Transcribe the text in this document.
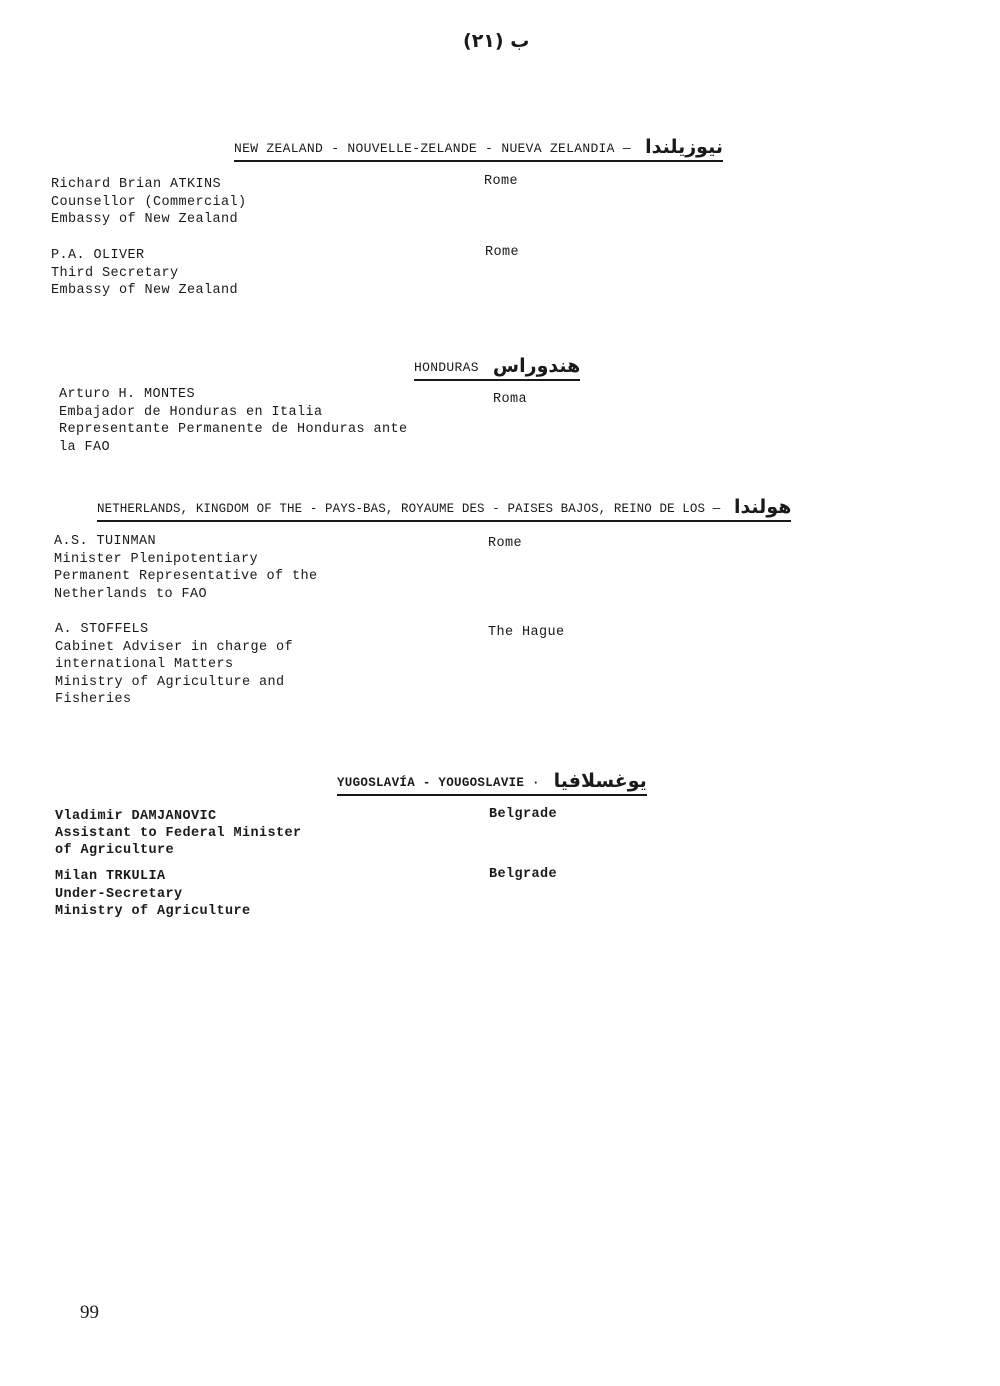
ب (٢١)
NEW ZEALAND - NOUVELLE-ZELANDE - NUEVA ZELANDIA — نيوزيلندا
Richard Brian ATKINS
Counsellor (Commercial)
Embassy of New Zealand
Rome
P.A. OLIVER
Third Secretary
Embassy of New Zealand
Rome
HONDURAS هندوراس
Arturo H. MONTES
Embajador de Honduras en Italia
Representante Permanente de Honduras ante
la FAO
Roma
NETHERLANDS, KINGDOM OF THE - PAYS-BAS, ROYAUME DES - PAISES BAJOS, REINO DE LOS — هولندا
A.S. TUINMAN
Minister Plenipotentiary
Permanent Representative of the
Netherlands to FAO
Rome
A. STOFFELS
Cabinet Adviser in charge of
international Matters
Ministry of Agriculture and
Fisheries
The Hague
YUGOSLAVÍA - YOUGOSLAVIE · يوغسلافيا
Vladimir DAMJANOVIC
Assistant to Federal Minister
of Agriculture
Belgrade
Milan TRKULIA
Under-Secretary
Ministry of Agriculture
Belgrade
99
